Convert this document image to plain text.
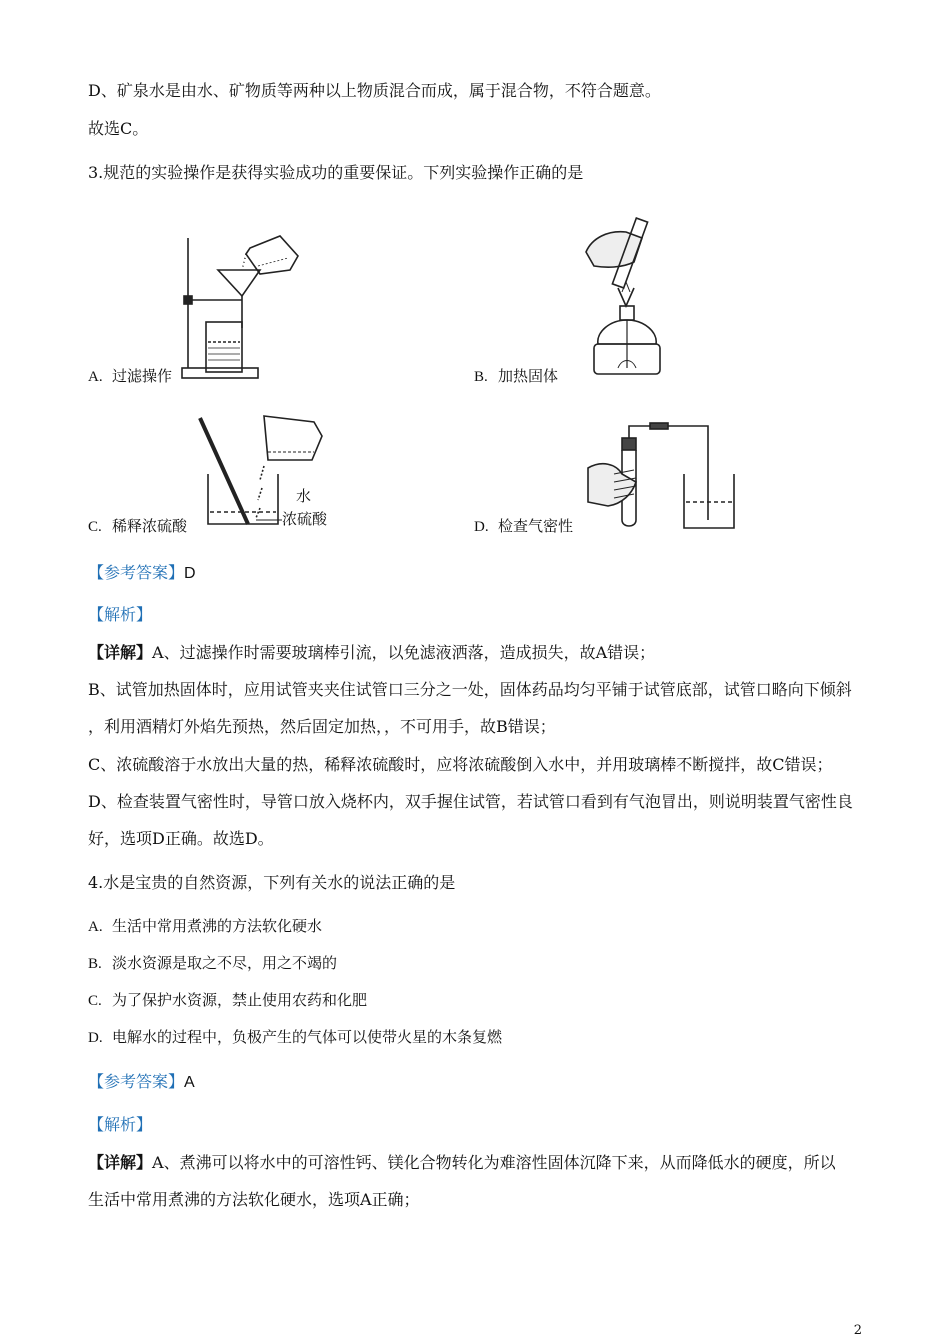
D、矿泉水是由水、矿物质等两种以上物质混合而成，属于混合物，不符合题意。
故选C。
3.规范的实验操作是获得实验成功的重要保证。下列实验操作正确的是
A. 过滤操作	B. 加热固体
水
浓硫酸
C. 稀释浓硫酸	D. 检查气密性
【参考答案】D
【解析】
【详解】A、过滤操作时需要玻璃棒引流，以免滤液洒落，造成损失，故A错误；
B、试管加热固体时，应用试管夹夹住试管口三分之一处，固体药品均匀平铺于试管底部，试管口略向下倾斜
，利用酒精灯外焰先预热，然后固定加热，，不可用手，故B错误；
C、浓硫酸溶于水放出大量的热，稀释浓硫酸时，应将浓硫酸倒入水中，并用玻璃棒不断搅拌，故C错误；
D、检查装置气密性时，导管口放入烧杯内，双手握住试管，若试管口看到有气泡冒出，则说明装置气密性良
好，选项D正确。故选D。
4.水是宝贵的自然资源，下列有关水的说法正确的是
A. 生活中常用煮沸的方法软化硬水
B. 淡水资源是取之不尽，用之不竭的
C. 为了保护水资源，禁止使用农药和化肥
D. 电解水的过程中，负极产生的气体可以使带火星的木条复燃
【参考答案】A
【解析】
【详解】A、煮沸可以将水中的可溶性钙、镁化合物转化为难溶性固体沉降下来，从而降低水的硬度，所以
生活中常用煮沸的方法软化硬水，选项A正确；
2
